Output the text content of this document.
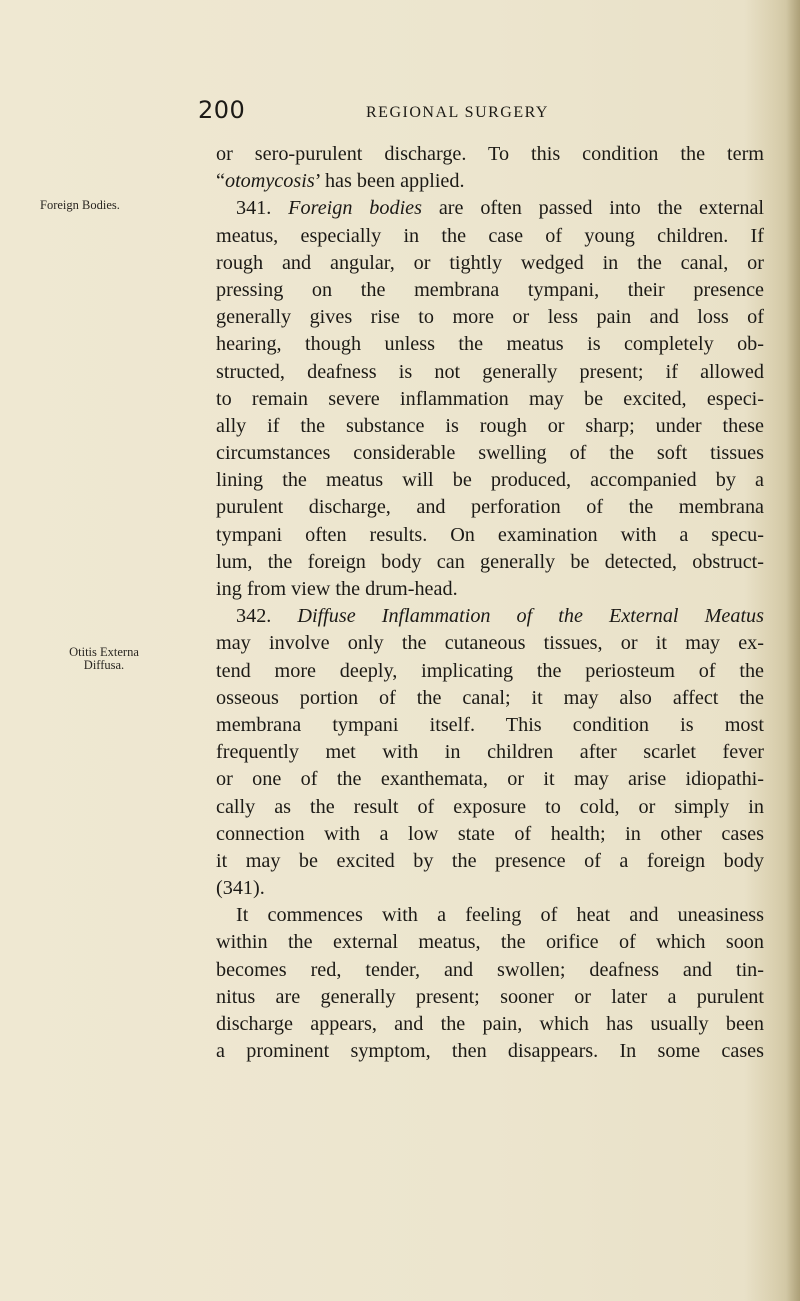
200	REGIONAL SURGERY
Foreign Bodies.
Otitis Externa
Diffusa.
or sero-purulent discharge. To this condition the term
“otomycosis’ has been applied.
341. Foreign bodies are often passed into the external
meatus, especially in the case of young children. If
rough and angular, or tightly wedged in the canal, or
pressing on the membrana tympani, their presence
generally gives rise to more or less pain and loss of
hearing, though unless the meatus is completely ob-
structed, deafness is not generally present; if allowed
to remain severe inflammation may be excited, especi-
ally if the substance is rough or sharp; under these
circumstances considerable swelling of the soft tissues
lining the meatus will be produced, accompanied by a
purulent discharge, and perforation of the membrana
tympani often results. On examination with a specu-
lum, the foreign body can generally be detected, obstruct-
ing from view the drum-head.
342. Diffuse Inflammation of the External Meatus
may involve only the cutaneous tissues, or it may ex-
tend more deeply, implicating the periosteum of the
osseous portion of the canal; it may also affect the
membrana tympani itself. This condition is most
frequently met with in children after scarlet fever
or one of the exanthemata, or it may arise idiopathi-
cally as the result of exposure to cold, or simply in
connection with a low state of health; in other cases
it may be excited by the presence of a foreign body
(341).
It commences with a feeling of heat and uneasiness
within the external meatus, the orifice of which soon
becomes red, tender, and swollen; deafness and tin-
nitus are generally present; sooner or later a purulent
discharge appears, and the pain, which has usually been
a prominent symptom, then disappears. In some cases
